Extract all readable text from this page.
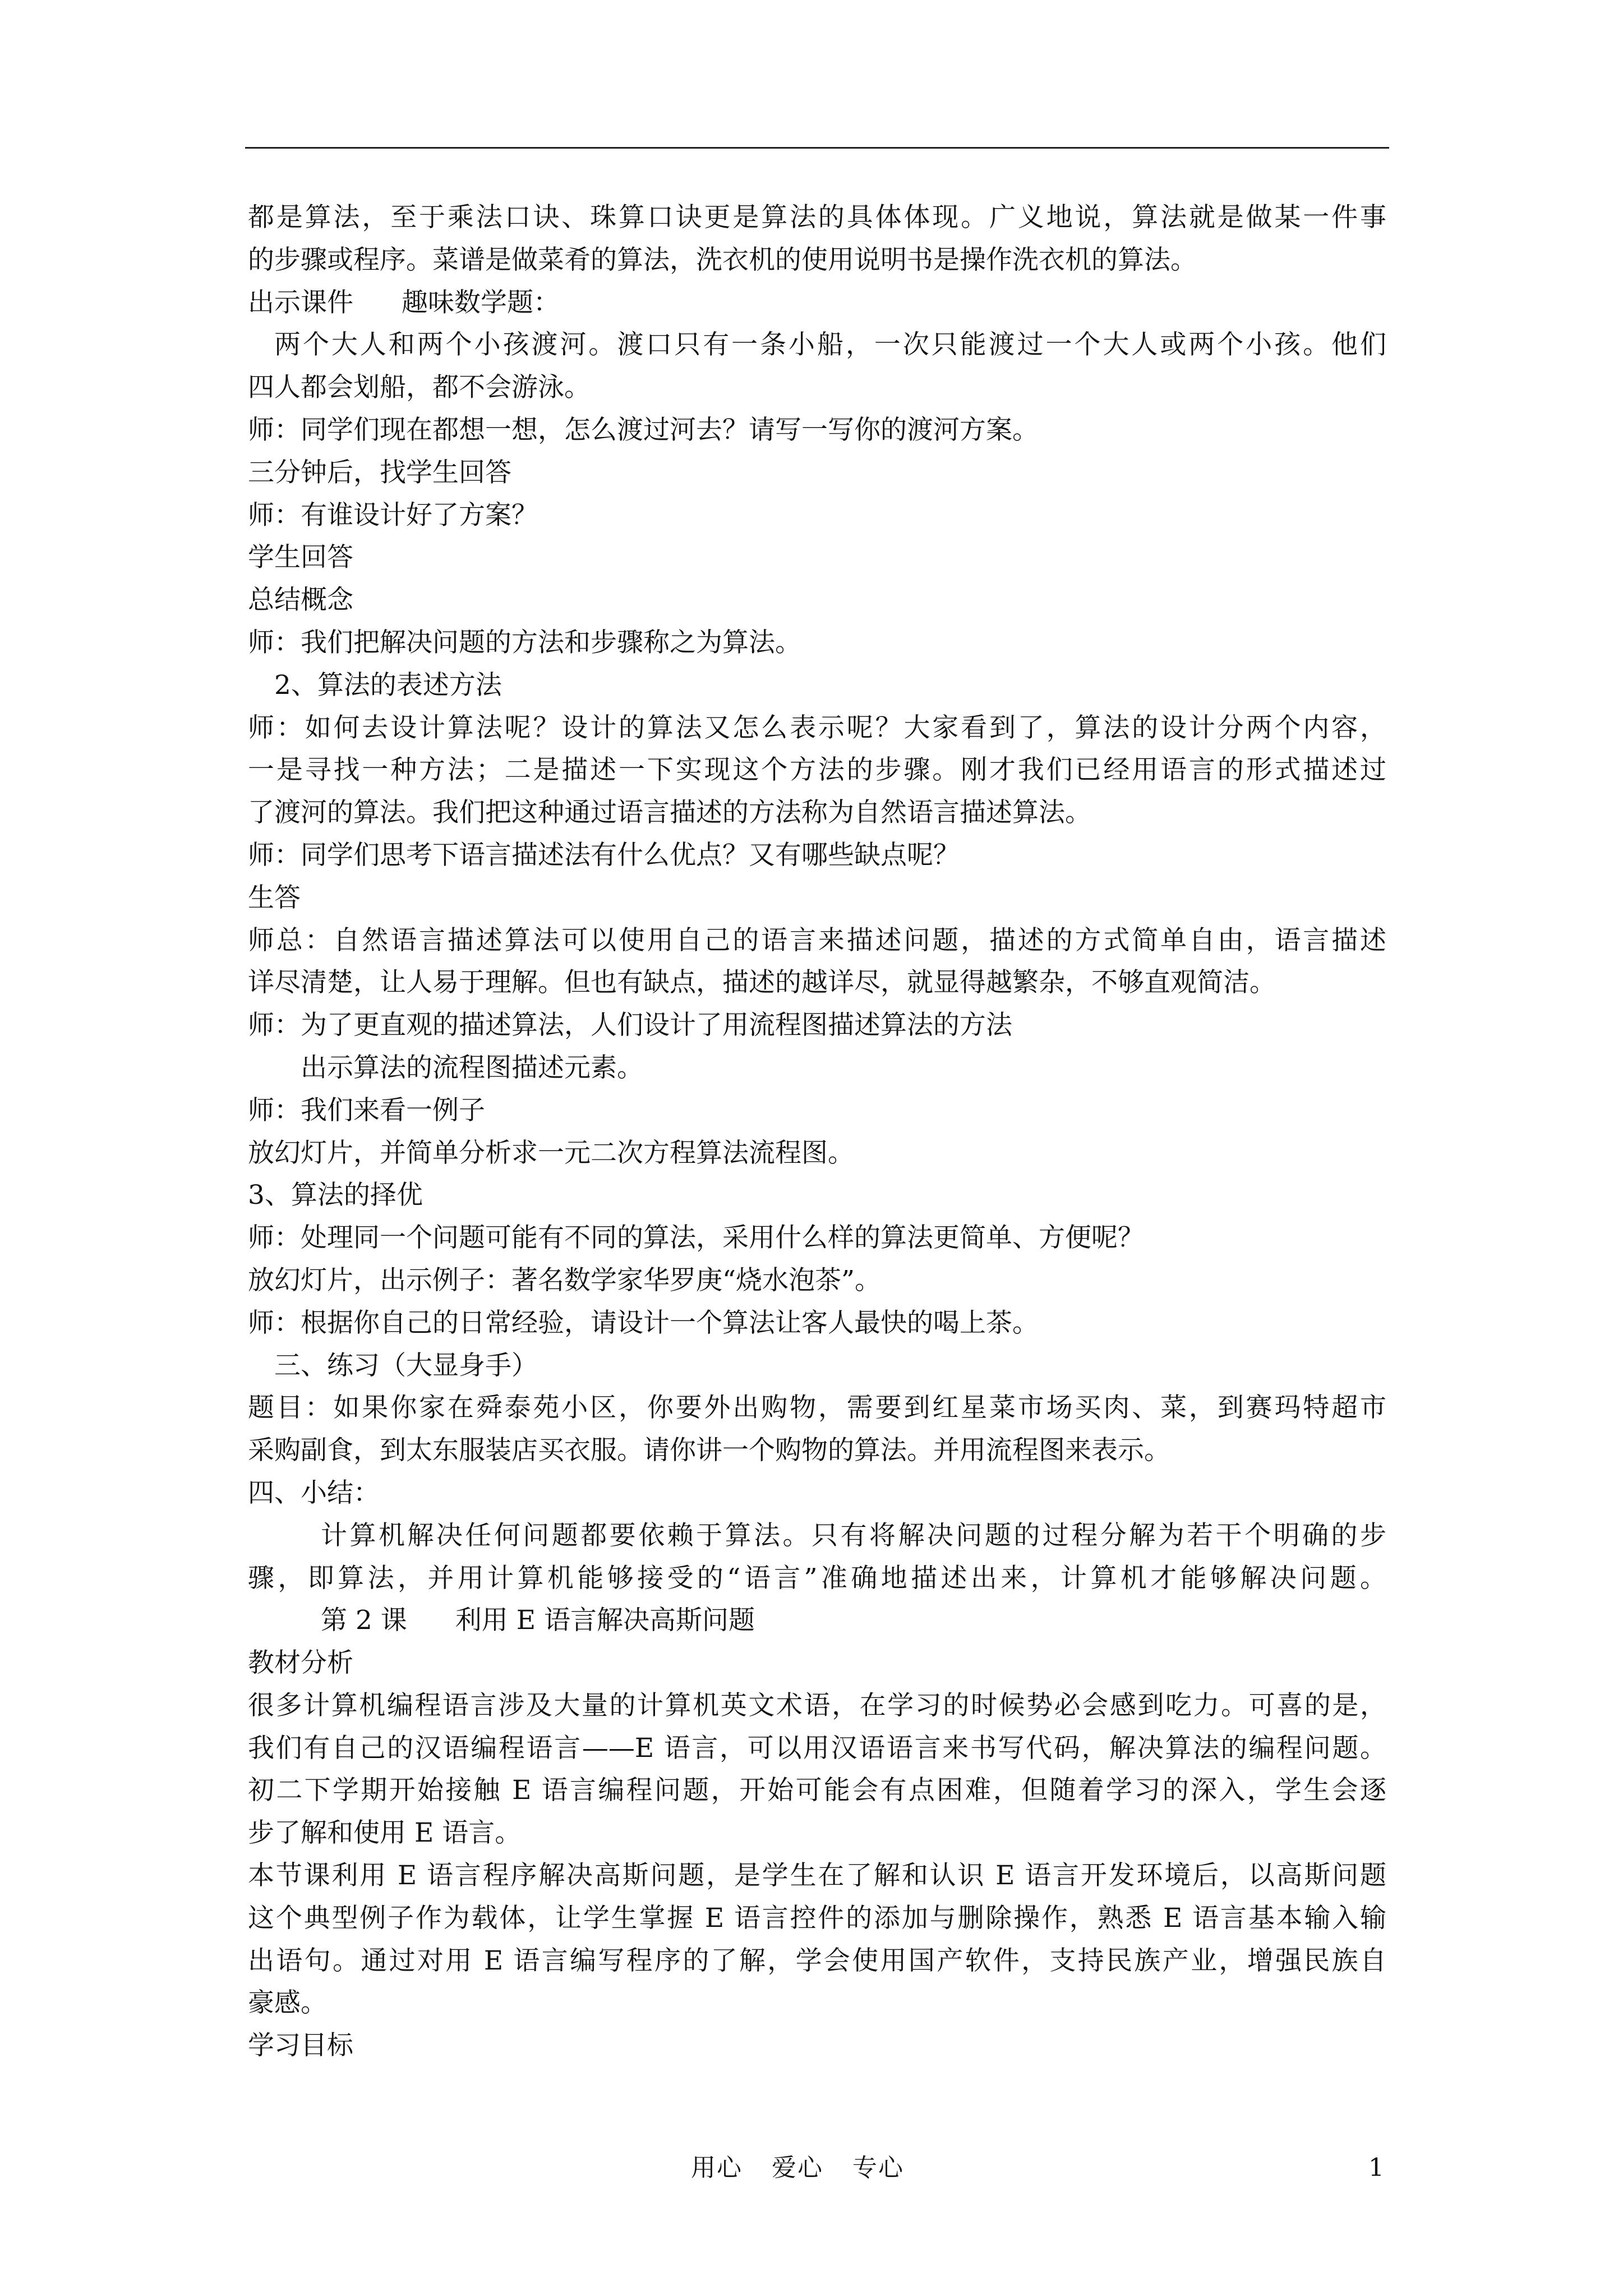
都是算法，至于乘法口诀、珠算口诀更是算法的具体体现。广义地说，算法就是做某一件事
的步骤或程序。菜谱是做菜肴的算法，洗衣机的使用说明书是操作洗衣机的算法。
出示课件 趣味数学题：
两个大人和两个小孩渡河。渡口只有一条小船，一次只能渡过一个大人或两个小孩。他们
四人都会划船，都不会游泳。
师：同学们现在都想一想，怎么渡过河去？请写一写你的渡河方案。
三分钟后，找学生回答
师：有谁设计好了方案？
学生回答
总结概念
师：我们把解决问题的方法和步骤称之为算法。
2、算法的表述方法
师：如何去设计算法呢？设计的算法又怎么表示呢？大家看到了，算法的设计分两个内容，
一是寻找一种方法；二是描述一下实现这个方法的步骤。刚才我们已经用语言的形式描述过
了渡河的算法。我们把这种通过语言描述的方法称为自然语言描述算法。
师：同学们思考下语言描述法有什么优点？又有哪些缺点呢？
生答
师总：自然语言描述算法可以使用自己的语言来描述问题，描述的方式简单自由，语言描述
详尽清楚，让人易于理解。但也有缺点，描述的越详尽，就显得越繁杂，不够直观简洁。
师：为了更直观的描述算法，人们设计了用流程图描述算法的方法
出示算法的流程图描述元素。
师：我们来看一例子
放幻灯片，并简单分析求一元二次方程算法流程图。
3、算法的择优
师：处理同一个问题可能有不同的算法，采用什么样的算法更简单、方便呢？
放幻灯片，出示例子：著名数学家华罗庚“烧水泡茶”。
师：根据你自己的日常经验，请设计一个算法让客人最快的喝上茶。
三、练习（大显身手）
题目：如果你家在舜泰苑小区，你要外出购物，需要到红星菜市场买肉、菜，到赛玛特超市
采购副食，到太东服装店买衣服。请你讲一个购物的算法。并用流程图来表示。
四、小结：
计算机解决任何问题都要依赖于算法。只有将解决问题的过程分解为若干个明确的步
骤，即算法，并用计算机能够接受的“语言”准确地描述出来，计算机才能够解决问题。
第 2 课 利用 E 语言解决高斯问题
教材分析
很多计算机编程语言涉及大量的计算机英文术语，在学习的时候势必会感到吃力。可喜的是，
我们有自己的汉语编程语言——E 语言，可以用汉语语言来书写代码，解决算法的编程问题。
初二下学期开始接触 E 语言编程问题，开始可能会有点困难，但随着学习的深入，学生会逐
步了解和使用 E 语言。
本节课利用 E 语言程序解决高斯问题，是学生在了解和认识 E 语言开发环境后，以高斯问题
这个典型例子作为载体，让学生掌握 E 语言控件的添加与删除操作，熟悉 E 语言基本输入输
出语句。通过对用 E 语言编写程序的了解，学会使用国产软件，支持民族产业，增强民族自
豪感。
学习目标
用心 爱心 专心	1
